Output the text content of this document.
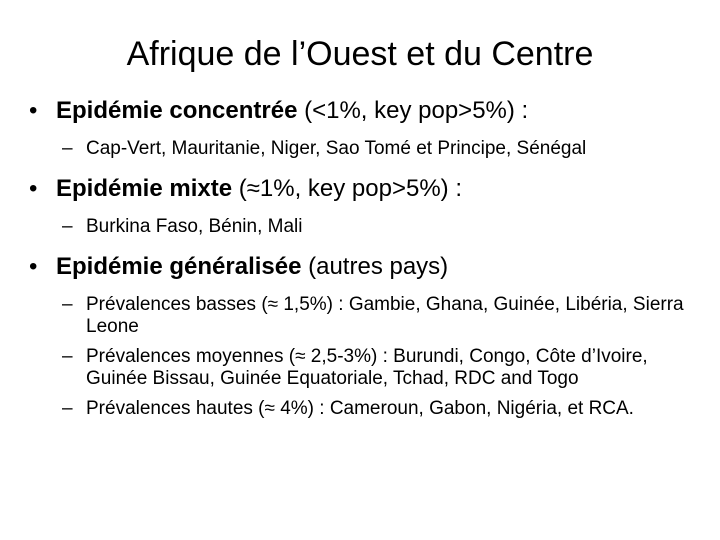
Afrique de l’Ouest et du Centre
• Epidémie concentrée (<1%, key pop>5%) :
– Cap-Vert, Mauritanie, Niger, Sao Tomé et Principe, Sénégal
• Epidémie mixte (≈1%, key pop>5%) :
– Burkina Faso, Bénin, Mali
• Epidémie généralisée (autres pays)
– Prévalences basses (≈ 1,5%) : Gambie, Ghana, Guinée, Libéria, Sierra Leone
– Prévalences moyennes (≈ 2,5-3%) : Burundi, Congo, Côte d’Ivoire, Guinée Bissau, Guinée Equatoriale, Tchad, RDC and Togo
– Prévalences hautes (≈ 4%) : Cameroun, Gabon, Nigéria, et RCA.
